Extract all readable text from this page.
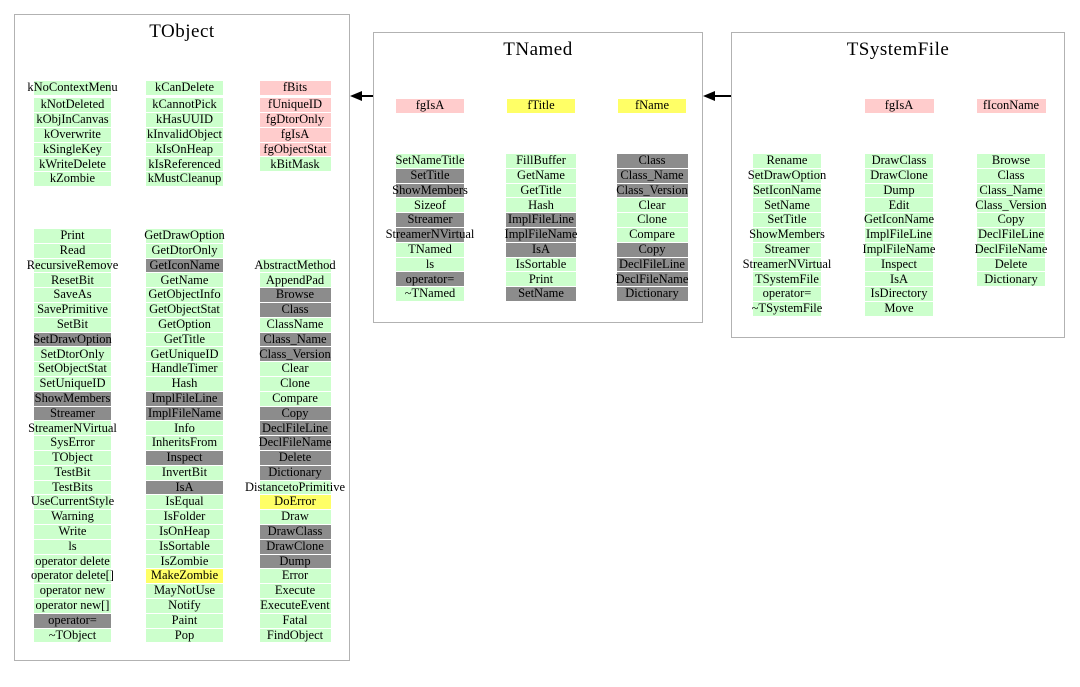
TObject
kNoContextMenu
kNotDeleted
kObjInCanvas
kOverwrite
kSingleKey
kWriteDelete
kZombie
kCanDelete
kCannotPick
kHasUUID
kInvalidObject
kIsOnHeap
kIsReferenced
kMustCleanup
fBits
fUniqueID
fgDtorOnly
fgIsA
fgObjectStat
kBitMask
Print
Read
RecursiveRemove
ResetBit
SaveAs
SavePrimitive
SetBit
SetDrawOption
SetDtorOnly
SetObjectStat
SetUniqueID
ShowMembers
Streamer
StreamerNVirtual
SysError
TObject
TestBit
TestBits
UseCurrentStyle
Warning
Write
ls
operator delete
operator delete[]
operator new
operator new[]
operator=
~TObject
GetDrawOption
GetDtorOnly
GetIconName
GetName
GetObjectInfo
GetObjectStat
GetOption
GetTitle
GetUniqueID
HandleTimer
Hash
ImplFileLine
ImplFileName
Info
InheritsFrom
Inspect
InvertBit
IsA
IsEqual
IsFolder
IsOnHeap
IsSortable
IsZombie
MakeZombie
MayNotUse
Notify
Paint
Pop
AbstractMethod
AppendPad
Browse
Class
ClassName
Class_Name
Class_Version
Clear
Clone
Compare
Copy
DeclFileLine
DeclFileName
Delete
Dictionary
DistancetoPrimitive
DoError
Draw
DrawClass
DrawClone
Dump
Error
Execute
ExecuteEvent
Fatal
FindObject
TNamed
fgIsA	fTitle	fName
SetNameTitle
SetTitle
ShowMembers
Sizeof
Streamer
StreamerNVirtual
TNamed
ls
operator=
~TNamed
FillBuffer
GetName
GetTitle
Hash
ImplFileLine
ImplFileName
IsA
IsSortable
Print
SetName
Class
Class_Name
Class_Version
Clear
Clone
Compare
Copy
DeclFileLine
DeclFileName
Dictionary
TSystemFile
fgIsA	fIconName
Rename
SetDrawOption
SetIconName
SetName
SetTitle
ShowMembers
Streamer
StreamerNVirtual
TSystemFile
operator=
~TSystemFile
DrawClass
DrawClone
Dump
Edit
GetIconName
ImplFileLine
ImplFileName
Inspect
IsA
IsDirectory
Move
Browse
Class
Class_Name
Class_Version
Copy
DeclFileLine
DeclFileName
Delete
Dictionary
